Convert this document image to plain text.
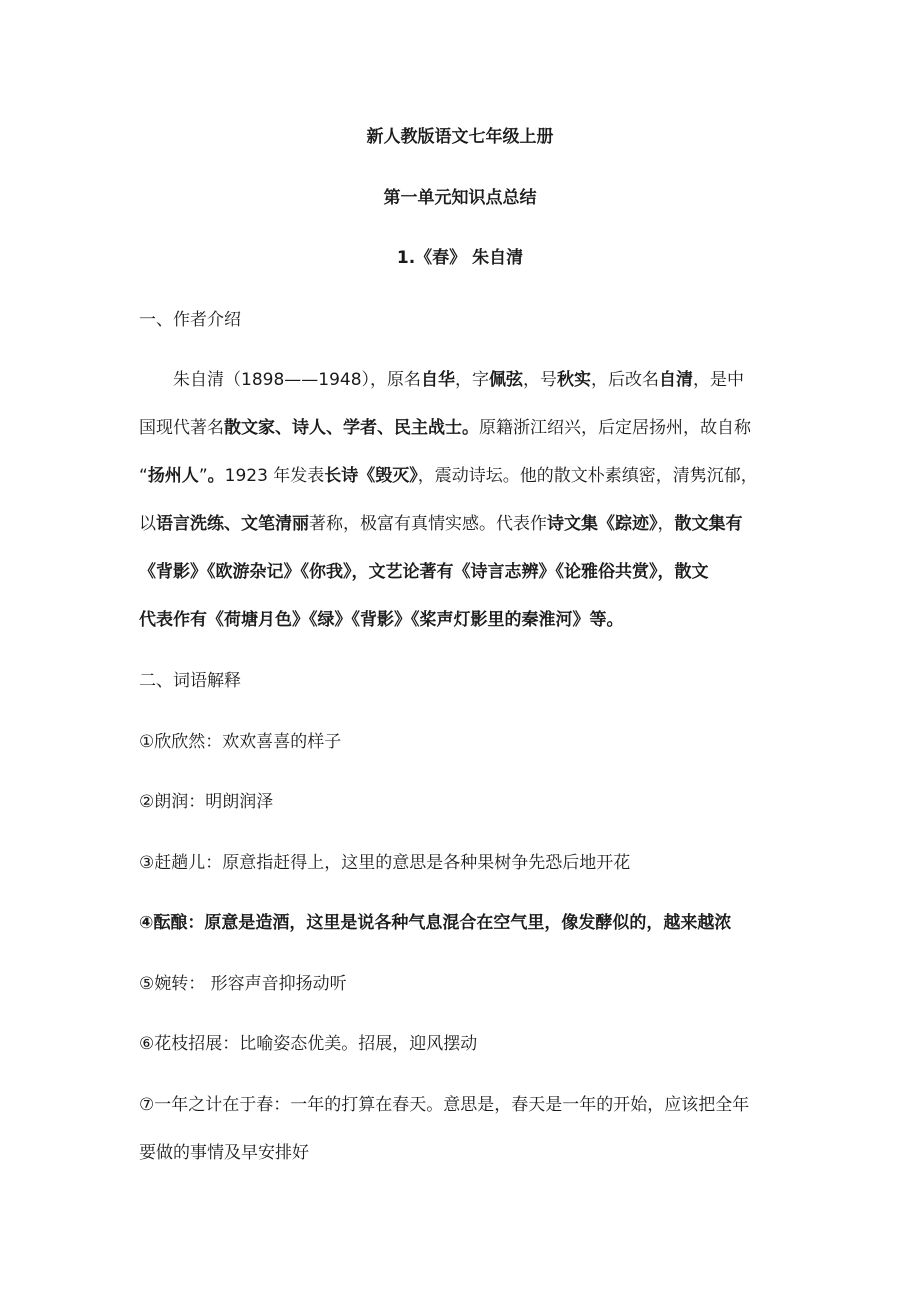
新人教版语文七年级上册
第一单元知识点总结
1.《春》 朱自清
一、作者介绍
朱自清（1898——1948），原名自华，字佩弦，号秋实，后改名自清，是中
国现代著名散文家、诗人、学者、民主战士。原籍浙江绍兴，后定居扬州，故自称
“扬州人”。1923 年发表长诗《毁灭》，震动诗坛。他的散文朴素缜密，清隽沉郁，
以语言洗练、文笔清丽著称，极富有真情实感。代表作诗文集《踪迹》，散文集有
《背影》《欧游杂记》《你我》，文艺论著有《诗言志辨》《论雅俗共赏》，散文
代表作有《荷塘月色》《绿》《背影》《桨声灯影里的秦淮河》等。
二、词语解释
①欣欣然：欢欢喜喜的样子
②朗润：明朗润泽
③赶趟儿：原意指赶得上，这里的意思是各种果树争先恐后地开花
④酝酿：原意是造酒，这里是说各种气息混合在空气里，像发酵似的，越来越浓
⑤婉转： 形容声音抑扬动听
⑥花枝招展：比喻姿态优美。招展，迎风摆动
⑦一年之计在于春：一年的打算在春天。意思是，春天是一年的开始，应该把全年
要做的事情及早安排好
